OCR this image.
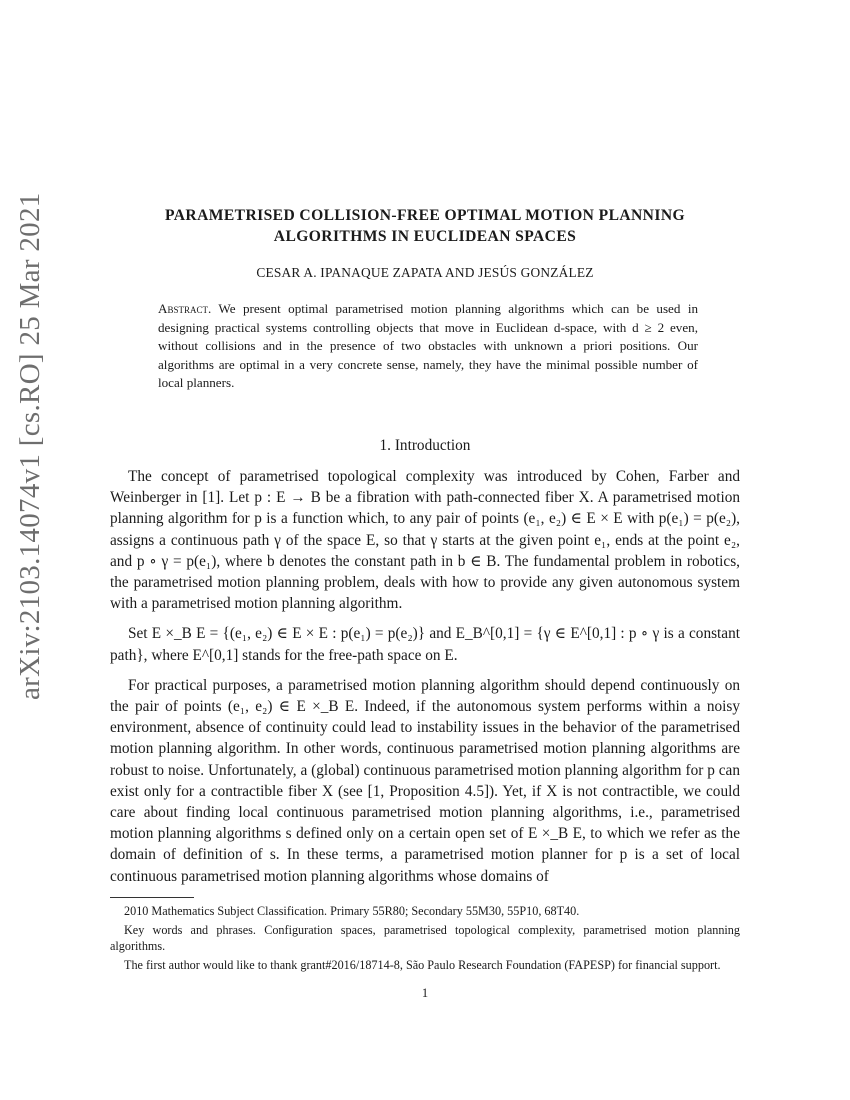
arXiv:2103.14074v1 [cs.RO] 25 Mar 2021	PARAMETRISED COLLISION-FREE OPTIMAL MOTION PLANNING
ALGORITHMS IN EUCLIDEAN SPACES
CESAR A. IPANAQUE ZAPATA AND JESÚS GONZÁLEZ
Abstract. We present optimal parametrised motion planning algorithms which can be used in designing practical systems controlling objects that move in Euclidean d-space, with d ≥ 2 even, without collisions and in the presence of two obstacles with unknown a priori positions. Our algorithms are optimal in a very concrete sense, namely, they have the minimal possible number of local planners.
1. Introduction

The concept of parametrised topological complexity was introduced by Cohen, Farber and Weinberger in [1]. Let p : E → B be a fibration with path-connected fiber X. A parametrised motion planning algorithm for p is a function which, to any pair of points (e₁, e₂) ∈ E × E with p(e₁) = p(e₂), assigns a continuous path γ of the space E, so that γ starts at the given point e₁, ends at the point e₂, and p ∘ γ = p(e₁), where b denotes the constant path in b ∈ B. The fundamental problem in robotics, the parametrised motion planning problem, deals with how to provide any given autonomous system with a parametrised motion planning algorithm.

Set E ×_B E = {(e₁, e₂) ∈ E × E : p(e₁) = p(e₂)} and E_B^[0,1] = {γ ∈ E^[0,1] : p ∘ γ is a constant path}, where E^[0,1] stands for the free-path space on E.

For practical purposes, a parametrised motion planning algorithm should depend continuously on the pair of points (e₁, e₂) ∈ E ×_B E. Indeed, if the autonomous system performs within a noisy environment, absence of continuity could lead to instability issues in the behavior of the parametrised motion planning algorithm. In other words, continuous parametrised motion planning algorithms are robust to noise. Unfortunately, a (global) continuous parametrised motion planning algorithm for p can exist only for a contractible fiber X (see [1, Proposition 4.5]). Yet, if X is not contractible, we could care about finding local continuous parametrised motion planning algorithms, i.e., parametrised motion planning algorithms s defined only on a certain open set of E ×_B E, to which we refer as the domain of definition of s. In these terms, a parametrised motion planner for p is a set of local continuous parametrised motion planning algorithms whose domains of

2010 Mathematics Subject Classification. Primary 55R80; Secondary 55M30, 55P10, 68T40.

Key words and phrases. Configuration spaces, parametrised topological complexity, parametrised motion planning algorithms.

The first author would like to thank grant#2016/18714-8, São Paulo Research Foundation (FAPESP) for financial support.

1
